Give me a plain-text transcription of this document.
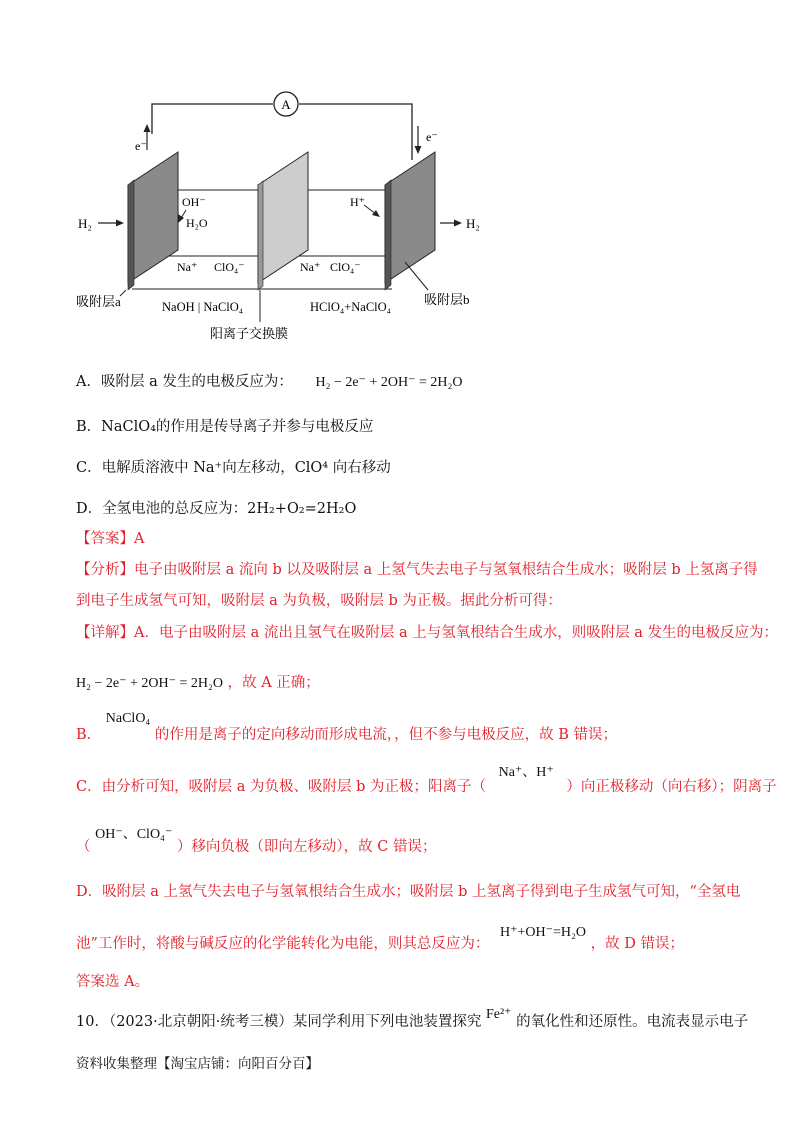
A
e⁻
e⁻
H₂	H₂
OH⁻
H₂O
H⁺
Na⁺ ClO₄⁻	Na⁺ ClO₄⁻
NaOH | NaClO₄	HClO₄+NaClO₄
吸附层a	吸附层b
阳离子交换膜
A．吸附层 a 发生的电极反应为： H₂ − 2e⁻ + 2OH⁻ = 2H₂O
B．NaClO₄的作用是传导离子并参与电极反应
C．电解质溶液中 Na⁺向左移动，ClO⁴ 向右移动
D．全氢电池的总反应为：2H₂+O₂=2H₂O
【答案】A
【分析】电子由吸附层 a 流向 b 以及吸附层 a 上氢气失去电子与氢氧根结合生成水；吸附层 b 上氢离子得
到电子生成氢气可知，吸附层 a 为负极，吸附层 b 为正极。据此分析可得：
【详解】A．电子由吸附层 a 流出且氢气在吸附层 a 上与氢氧根结合生成水，则吸附层 a 发生的电极反应为：
H₂ − 2e⁻ + 2OH⁻ = 2H₂O ，故 A 正确；
B． NaClO₄ 的作用是离子的定向移动而形成电流，，但不参与电极反应，故 B 错误；
C．由分析可知，吸附层 a 为负极、吸附层 b 为正极；阳离子（ Na⁺、H⁺ ）向正极移动（向右移）；阴离子
（ OH⁻、ClO₄⁻ ）移向负极（即向左移动），故 C 错误；
D．吸附层 a 上氢气失去电子与氢氧根结合生成水；吸附层 b 上氢离子得到电子生成氢气可知，“全氢电
池”工作时，将酸与碱反应的化学能转化为电能，则其总反应为： H⁺+OH⁻=H₂O ，故 D 错误；
答案选 A。
10．（2023·北京朝阳·统考三模）某同学利用下列电池装置探究 Fe²⁺ 的氧化性和还原性。电流表显示电子
资料收集整理【淘宝店铺：向阳百分百】
